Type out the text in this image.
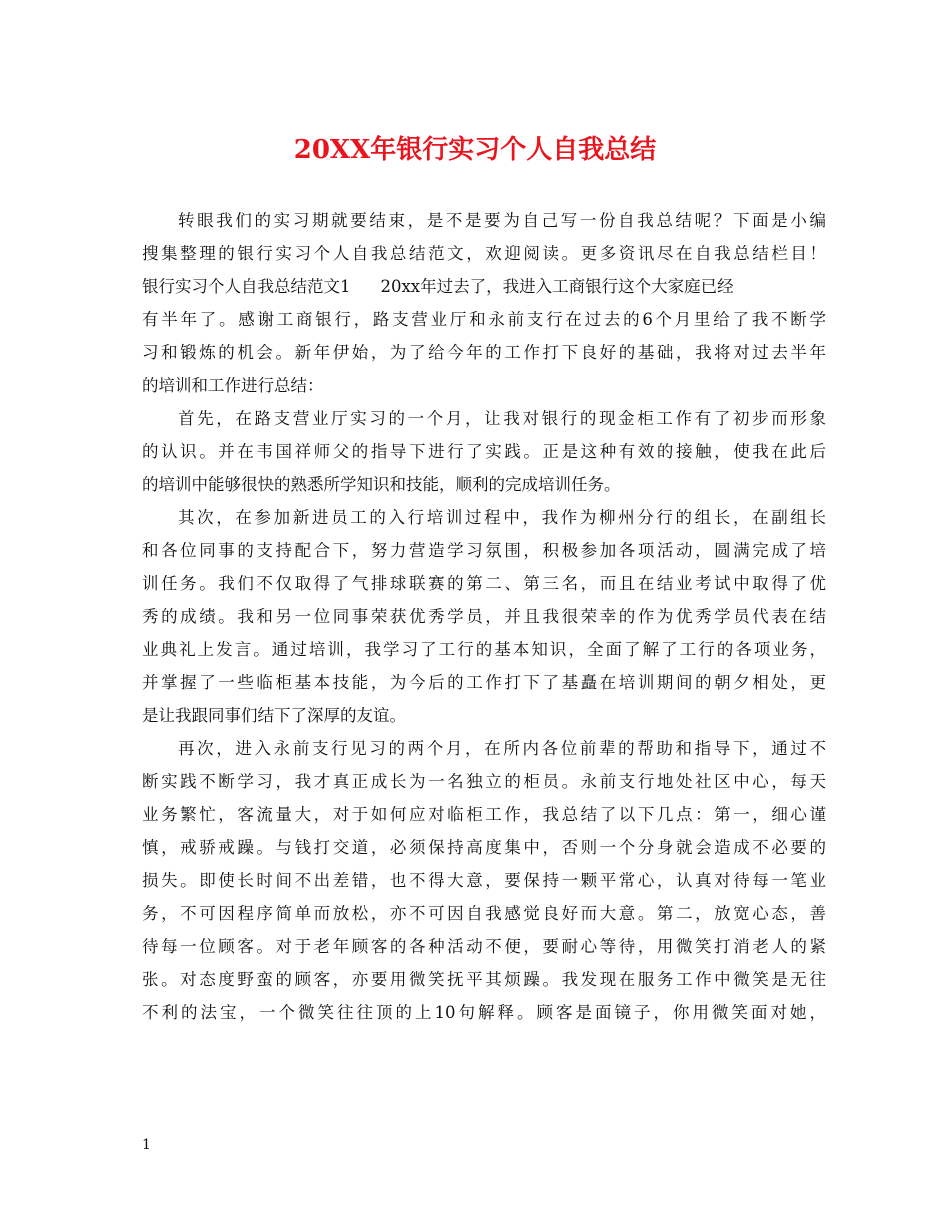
20XX年银行实习个人自我总结
转眼我们的实习期就要结束，是不是要为自己写一份自我总结呢？下面是小编
搜集整理的银行实习个人自我总结范文，欢迎阅读。更多资讯尽在自我总结栏目！
银行实习个人自我总结范文1 20xx年过去了，我进入工商银行这个大家庭已经
有半年了。感谢工商银行，路支营业厅和永前支行在过去的6个月里给了我不断学
习和锻炼的机会。新年伊始，为了给今年的工作打下良好的基础，我将对过去半年
的培训和工作进行总结：
首先，在路支营业厅实习的一个月，让我对银行的现金柜工作有了初步而形象
的认识。并在韦国祥师父的指导下进行了实践。正是这种有效的接触，使我在此后
的培训中能够很快的熟悉所学知识和技能，顺利的完成培训任务。
其次，在参加新进员工的入行培训过程中，我作为柳州分行的组长，在副组长
和各位同事的支持配合下，努力营造学习氛围，积极参加各项活动，圆满完成了培
训任务。我们不仅取得了气排球联赛的第二、第三名，而且在结业考试中取得了优
秀的成绩。我和另一位同事荣获优秀学员，并且我很荣幸的作为优秀学员代表在结
业典礼上发言。通过培训，我学习了工行的基本知识，全面了解了工行的各项业务，
并掌握了一些临柜基本技能，为今后的工作打下了基矗在培训期间的朝夕相处，更
是让我跟同事们结下了深厚的友谊。
再次，进入永前支行见习的两个月，在所内各位前辈的帮助和指导下，通过不
断实践不断学习，我才真正成长为一名独立的柜员。永前支行地处社区中心，每天
业务繁忙，客流量大，对于如何应对临柜工作，我总结了以下几点：第一，细心谨
慎，戒骄戒躁。与钱打交道，必须保持高度集中，否则一个分身就会造成不必要的
损失。即使长时间不出差错，也不得大意，要保持一颗平常心，认真对待每一笔业
务，不可因程序简单而放松，亦不可因自我感觉良好而大意。第二，放宽心态，善
待每一位顾客。对于老年顾客的各种活动不便，要耐心等待，用微笑打消老人的紧
张。对态度野蛮的顾客，亦要用微笑抚平其烦躁。我发现在服务工作中微笑是无往
不利的法宝，一个微笑往往顶的上10句解释。顾客是面镜子，你用微笑面对她，

1
